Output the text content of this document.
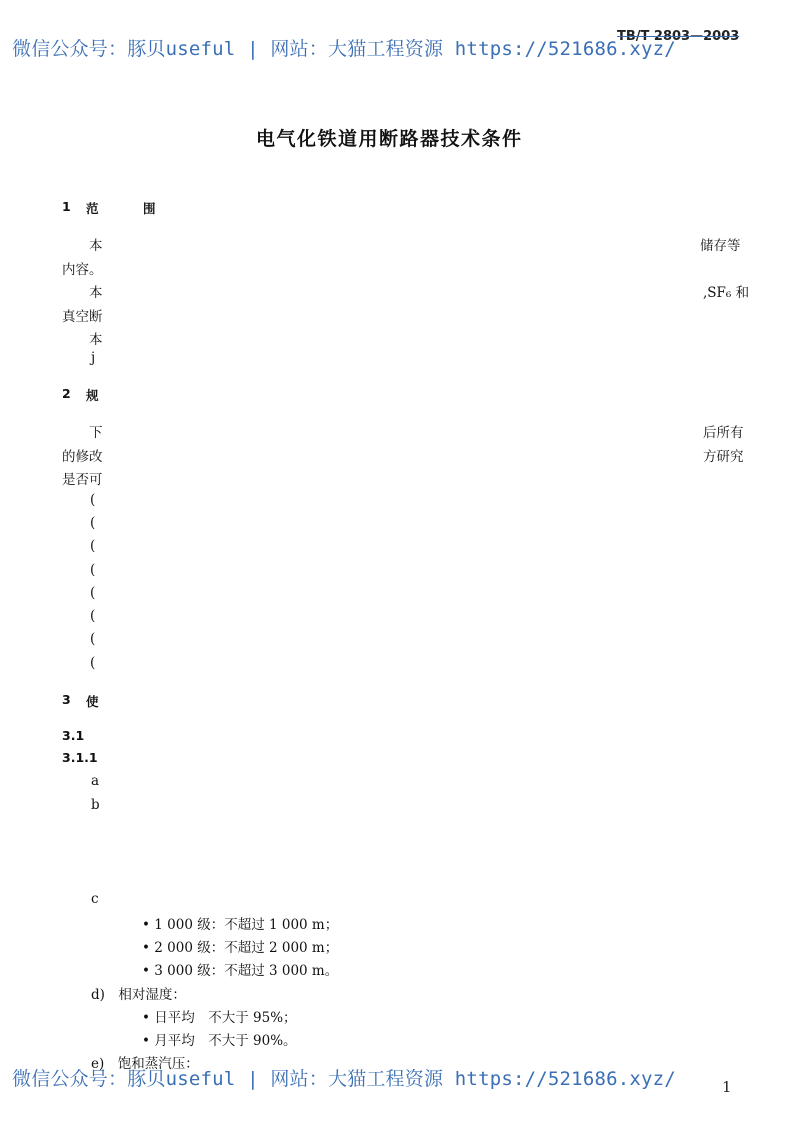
微信公众号：豚贝useful | 网站：大猫工程资源 https://521686.xyz/
TB/T 2803—2003
电气化铁道用断路器技术条件
1 范　围
本	储存等
内容。
本	,SF₆ 和
真空断
本
j
2 规
下	后所有
的修改	方研究
是否可
(
(
(
(
(
(
(
(
3 使
3.1
3.1.1
a
b
c
• 1 000 级：不超过 1 000 m；
• 2 000 级：不超过 2 000 m；
• 3 000 级：不超过 3 000 m。
d)　相对湿度：
• 日平均　不大于 95%；
• 月平均　不大于 90%。
e)　饱和蒸汽压：
微信公众号：豚贝useful | 网站：大猫工程资源 https://521686.xyz/	1
